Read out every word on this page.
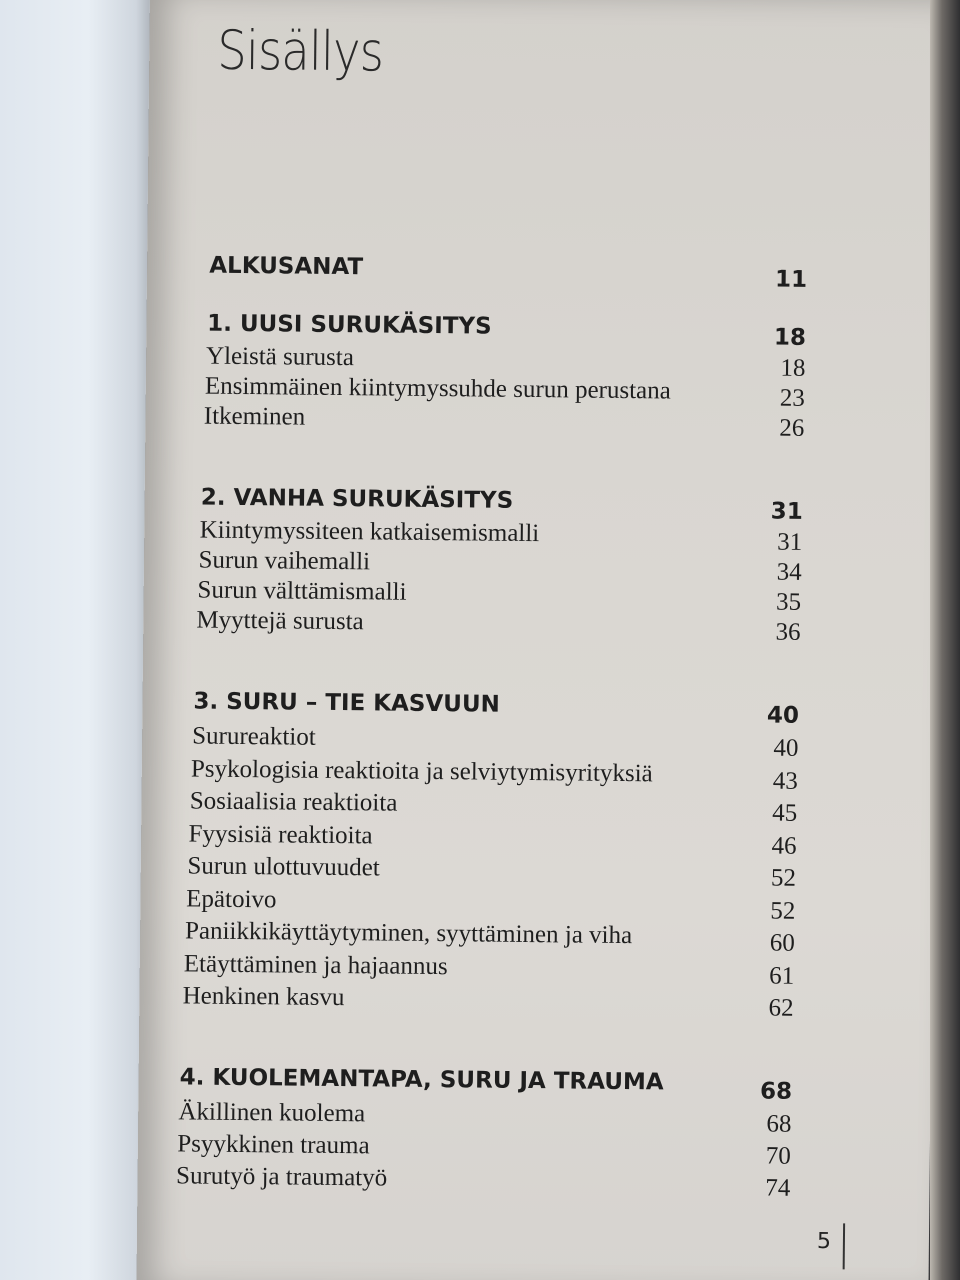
Sisällys
ALKUSANAT	11
1. UUSI SURUKÄSITYS	18
Yleistä surusta	18
Ensimmäinen kiintymyssuhde surun perustana	23
Itkeminen	26
2. VANHA SURUKÄSITYS	31
Kiintymyssiteen katkaisemismalli	31
Surun vaihemalli	34
Surun välttämismalli	35
Myyttejä surusta	36
3. SURU – TIE KASVUUN	40
Surureaktiot	40
Psykologisia reaktioita ja selviytymisyrityksiä	43
Sosiaalisia reaktioita	45
Fyysisiä reaktioita	46
Surun ulottuvuudet	52
Epätoivo	52
Paniikkikäyttäytyminen, syyttäminen ja viha	60
Etäyttäminen ja hajaannus	61
Henkinen kasvu	62
4. KUOLEMANTAPA, SURU JA TRAUMA	68
Äkillinen kuolema	68
Psyykkinen trauma	70
Surutyö ja traumatyö	74
5
